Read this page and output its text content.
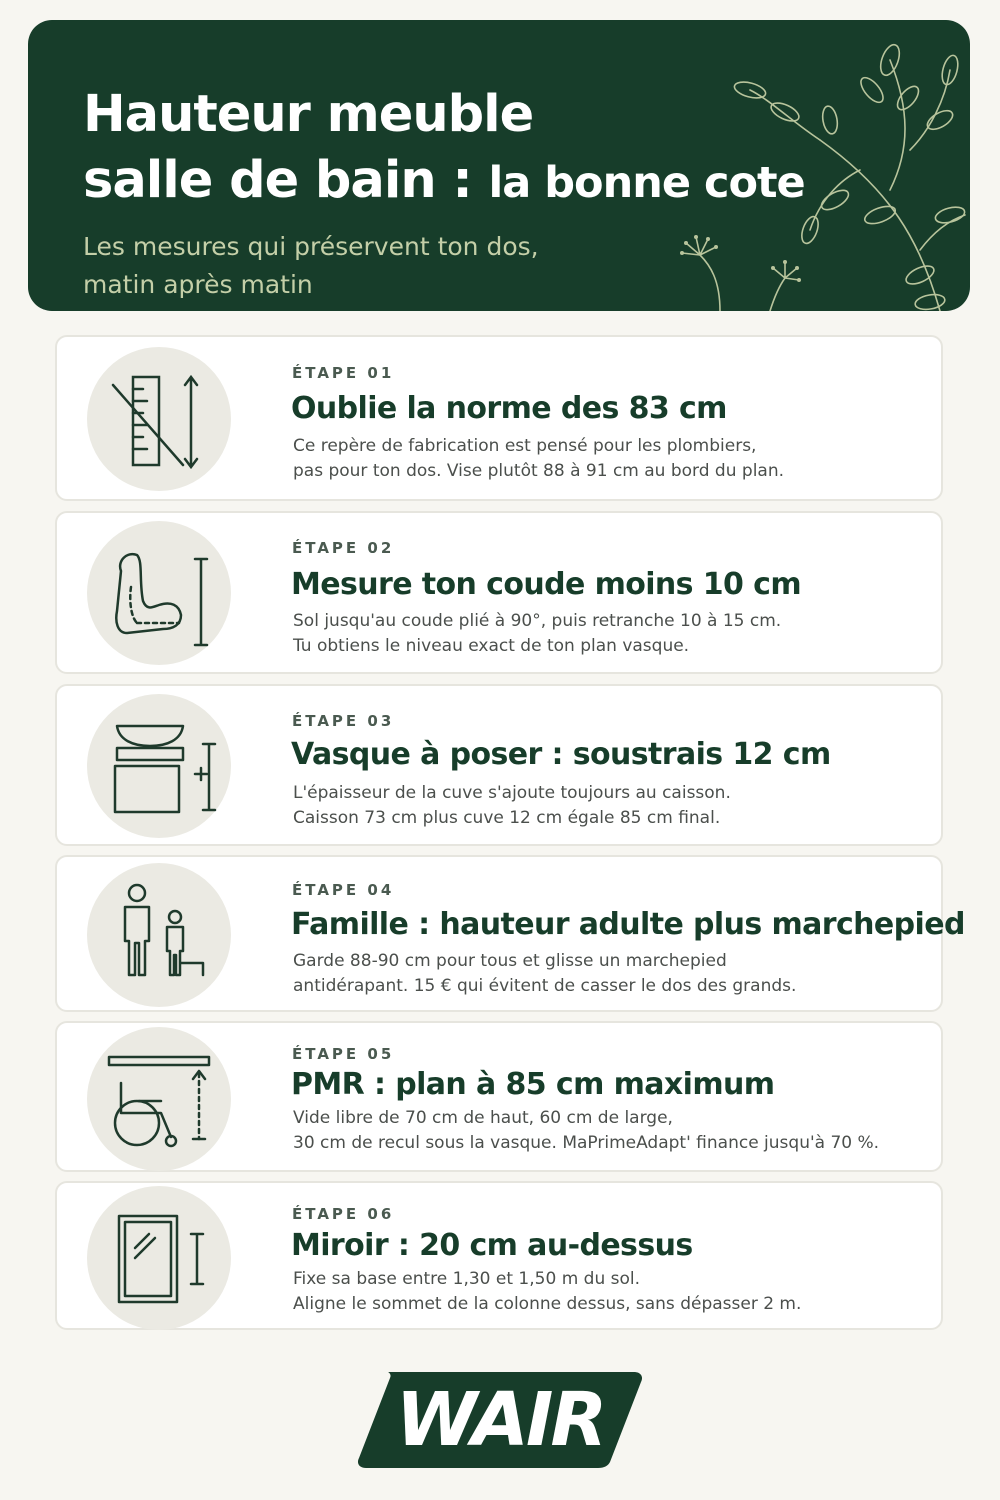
Hauteur meuble
salle de bain : la bonne cote
Les mesures qui préservent ton dos,
matin après matin
ÉTAPE 01
Oublie la norme des 83 cm
Ce repère de fabrication est pensé pour les plombiers,
pas pour ton dos. Vise plutôt 88 à 91 cm au bord du plan.
ÉTAPE 02
Mesure ton coude moins 10 cm
Sol jusqu'au coude plié à 90°, puis retranche 10 à 15 cm.
Tu obtiens le niveau exact de ton plan vasque.
ÉTAPE 03
Vasque à poser : soustrais 12 cm
L'épaisseur de la cuve s'ajoute toujours au caisson.
Caisson 73 cm plus cuve 12 cm égale 85 cm final.
ÉTAPE 04
Famille : hauteur adulte plus marchepied
Garde 88-90 cm pour tous et glisse un marchepied
antidérapant. 15 € qui évitent de casser le dos des grands.
ÉTAPE 05
PMR : plan à 85 cm maximum
Vide libre de 70 cm de haut, 60 cm de large,
30 cm de recul sous la vasque. MaPrimeAdapt' finance jusqu'à 70 %.
ÉTAPE 06
Miroir : 20 cm au-dessus
Fixe sa base entre 1,30 et 1,50 m du sol.
Aligne le sommet de la colonne dessus, sans dépasser 2 m.
WAIR
